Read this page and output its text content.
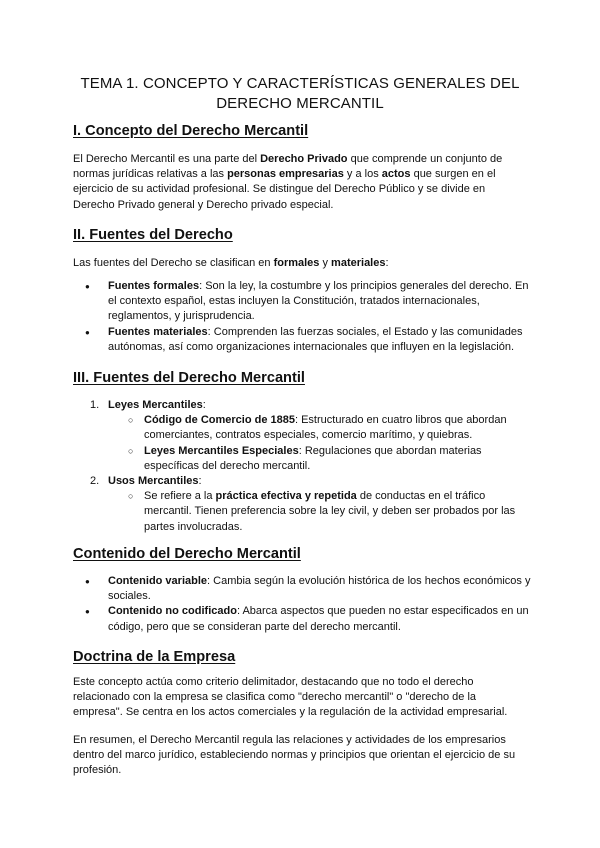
TEMA 1. CONCEPTO Y CARACTERÍSTICAS GENERALES DEL
DERECHO MERCANTIL
I. Concepto del Derecho Mercantil

El Derecho Mercantil es una parte del Derecho Privado que comprende un conjunto de normas jurídicas relativas a las personas empresarias y a los actos que surgen en el ejercicio de su actividad profesional. Se distingue del Derecho Público y se divide en Derecho Privado general y Derecho privado especial.

II. Fuentes del Derecho

Las fuentes del Derecho se clasifican en formales y materiales:

● Fuentes formales: Son la ley, la costumbre y los principios generales del derecho. En el contexto español, estas incluyen la Constitución, tratados internacionales, reglamentos, y jurisprudencia.
● Fuentes materiales: Comprenden las fuerzas sociales, el Estado y las comunidades autónomas, así como organizaciones internacionales que influyen en la legislación.
III. Fuentes del Derecho Mercantil
1. Leyes Mercantiles:
○ Código de Comercio de 1885: Estructurado en cuatro libros que abordan comerciantes, contratos especiales, comercio marítimo, y quiebras.
○ Leyes Mercantiles Especiales: Regulaciones que abordan materias específicas del derecho mercantil.
2. Usos Mercantiles:
○ Se refiere a la práctica efectiva y repetida de conductas en el tráfico mercantil. Tienen preferencia sobre la ley civil, y deben ser probados por las partes involucradas.
Contenido del Derecho Mercantil
● Contenido variable: Cambia según la evolución histórica de los hechos económicos y sociales.
● Contenido no codificado: Abarca aspectos que pueden no estar especificados en un código, pero que se consideran parte del derecho mercantil.
Doctrina de la Empresa

Este concepto actúa como criterio delimitador, destacando que no todo el derecho relacionado con la empresa se clasifica como "derecho mercantil" o "derecho de la empresa". Se centra en los actos comerciales y la regulación de la actividad empresarial.

En resumen, el Derecho Mercantil regula las relaciones y actividades de los empresarios dentro del marco jurídico, estableciendo normas y principios que orientan el ejercicio de su profesión.
